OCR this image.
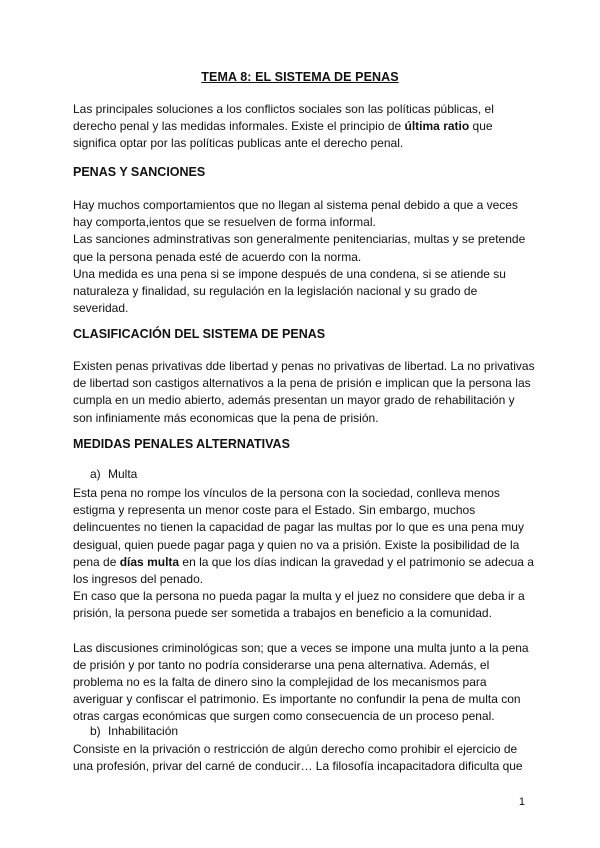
TEMA 8: EL SISTEMA DE PENAS

Las principales soluciones a los conflictos sociales son las políticas públicas, el derecho penal y las medidas informales. Existe el principio de última ratio que significa optar por las políticas publicas ante el derecho penal.

PENAS Y SANCIONES

Hay muchos comportamientos que no llegan al sistema penal debido a que a veces hay comporta,ientos que se resuelven de forma informal.

Las sanciones adminstrativas son generalmente penitenciarias, multas y se pretende que la persona penada esté de acuerdo con la norma.

Una medida es una pena si se impone después de una condena, si se atiende su naturaleza y finalidad, su regulación en la legislación nacional y su grado de severidad.

CLASIFICACIÓN DEL SISTEMA DE PENAS

Existen penas privativas dde libertad y penas no privativas de libertad. La no privativas de libertad son castigos alternativos a la pena de prisión e implican que la persona las cumpla en un medio abierto, además presentan un mayor grado de rehabilitación y son infiniamente más economicas que la pena de prisión.

MEDIDAS PENALES ALTERNATIVAS
a) Multa

Esta pena no rompe los vínculos de la persona con la sociedad, conlleva menos estigma y representa un menor coste para el Estado. Sin embargo, muchos delincuentes no tienen la capacidad de pagar las multas por lo que es una pena muy desigual, quien puede pagar paga y quien no va a prisión. Existe la posibilidad de la pena de días multa en la que los días indican la gravedad y el patrimonio se adecua a los ingresos del penado.

En caso que la persona no pueda pagar la multa y el juez no considere que deba ir a prisión, la persona puede ser sometida a trabajos en beneficio a la comunidad.

Las discusiones criminológicas son; que a veces se impone una multa junto a la pena de prisión y por tanto no podría considerarse una pena alternativa. Además, el problema no es la falta de dinero sino la complejidad de los mecanismos para averiguar y confiscar el patrimonio. Es importante no confundir la pena de multa con otras cargas económicas que surgen como consecuencia de un proceso penal.

b) Inhabilitación

Consiste en la privación o restricción de algún derecho como prohibir el ejercicio de una profesión, privar del carné de conducir… La filosofía incapacitadora dificulta que

1
